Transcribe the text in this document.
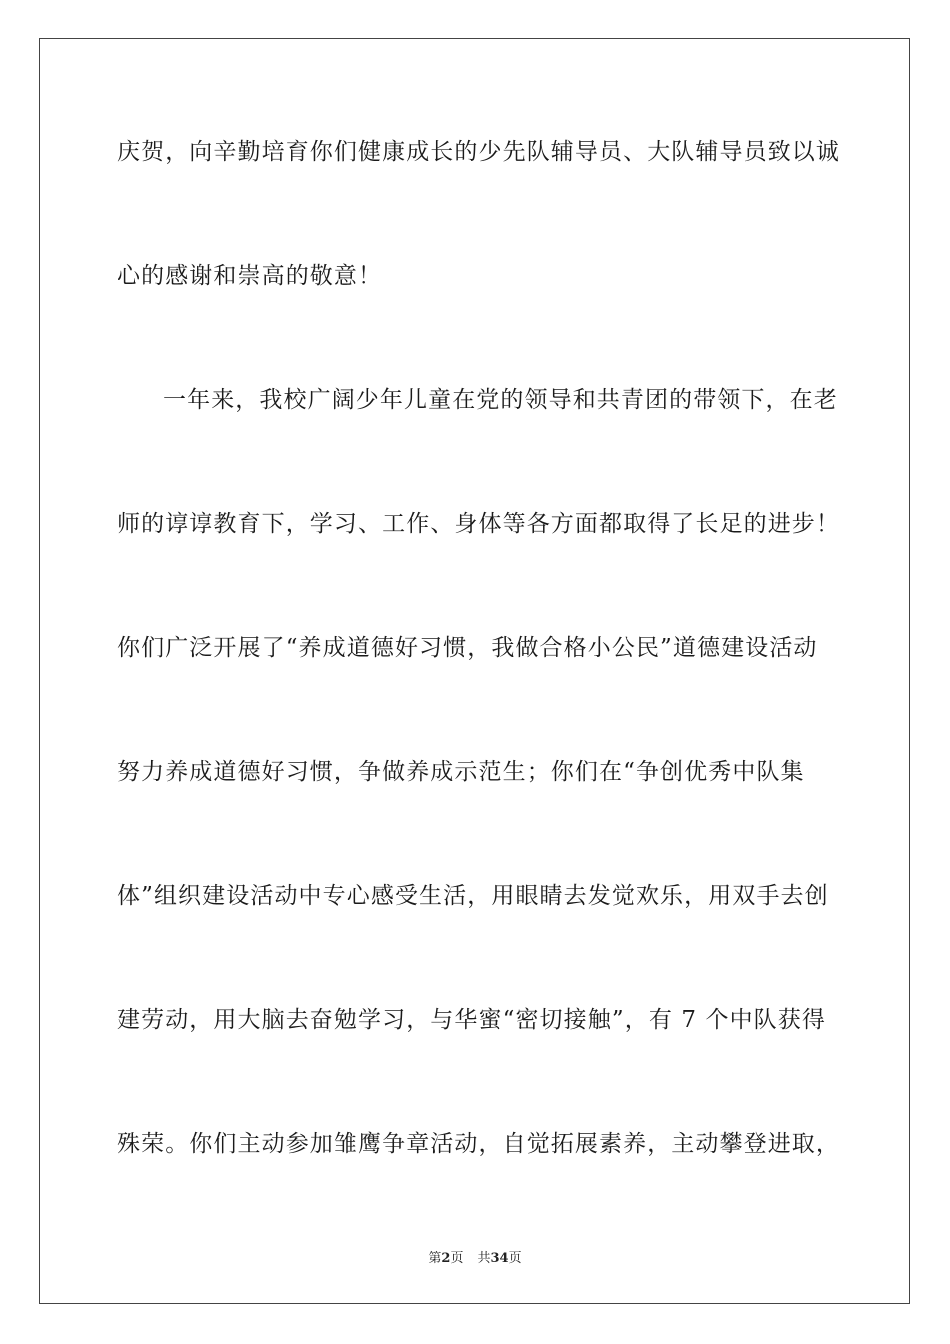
庆贺，向辛勤培育你们健康成长的少先队辅导员、大队辅导员致以诚
心的感谢和崇高的敬意！
一年来，我校广阔少年儿童在党的领导和共青团的带领下，在老
师的谆谆教育下，学习、工作、身体等各方面都取得了长足的进步！
你们广泛开展了“养成道德好习惯，我做合格小公民”道德建设活动
努力养成道德好习惯，争做养成示范生；你们在“争创优秀中队集
体”组织建设活动中专心感受生活，用眼睛去发觉欢乐，用双手去创
建劳动，用大脑去奋勉学习，与华蜜“密切接触”，有 7 个中队获得
殊荣。你们主动参加雏鹰争章活动，自觉拓展素养，主动攀登进取，
第2页 共34页
